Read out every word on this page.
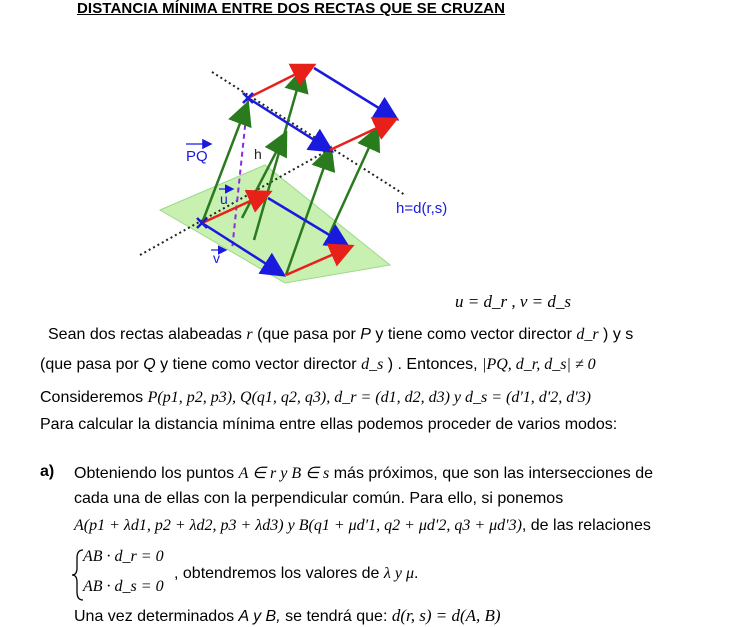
DISTANCIA MÍNIMA ENTRE DOS RECTAS QUE SE CRUZAN
PQ	h
u
v
h=d(r,s)
u = d_r , v = d_s
Sean dos rectas alabeadas r (que pasa por P y tiene como vector director d_r ) y s
(que pasa por Q y tiene como vector director d_s ) . Entonces, |PQ, d_r, d_s| ≠ 0
Consideremos P(p1, p2, p3), Q(q1, q2, q3), d_r = (d1, d2, d3) y d_s = (d'1, d'2, d'3)
Para calcular la distancia mínima entre ellas podemos proceder de varios modos:
a) Obteniendo los puntos A ∈ r y B ∈ s más próximos, que son las intersecciones de
cada una de ellas con la perpendicular común. Para ello, si ponemos
A(p1 + λd1, p2 + λd2, p3 + λd3) y B(q1 + μd'1, q2 + μd'2, q3 + μd'3), de las relaciones
AB · d_r = 0
AB · d_s = 0
, obtendremos los valores de λ y μ.
Una vez determinados A y B, se tendrá que: d(r, s) = d(A, B)
